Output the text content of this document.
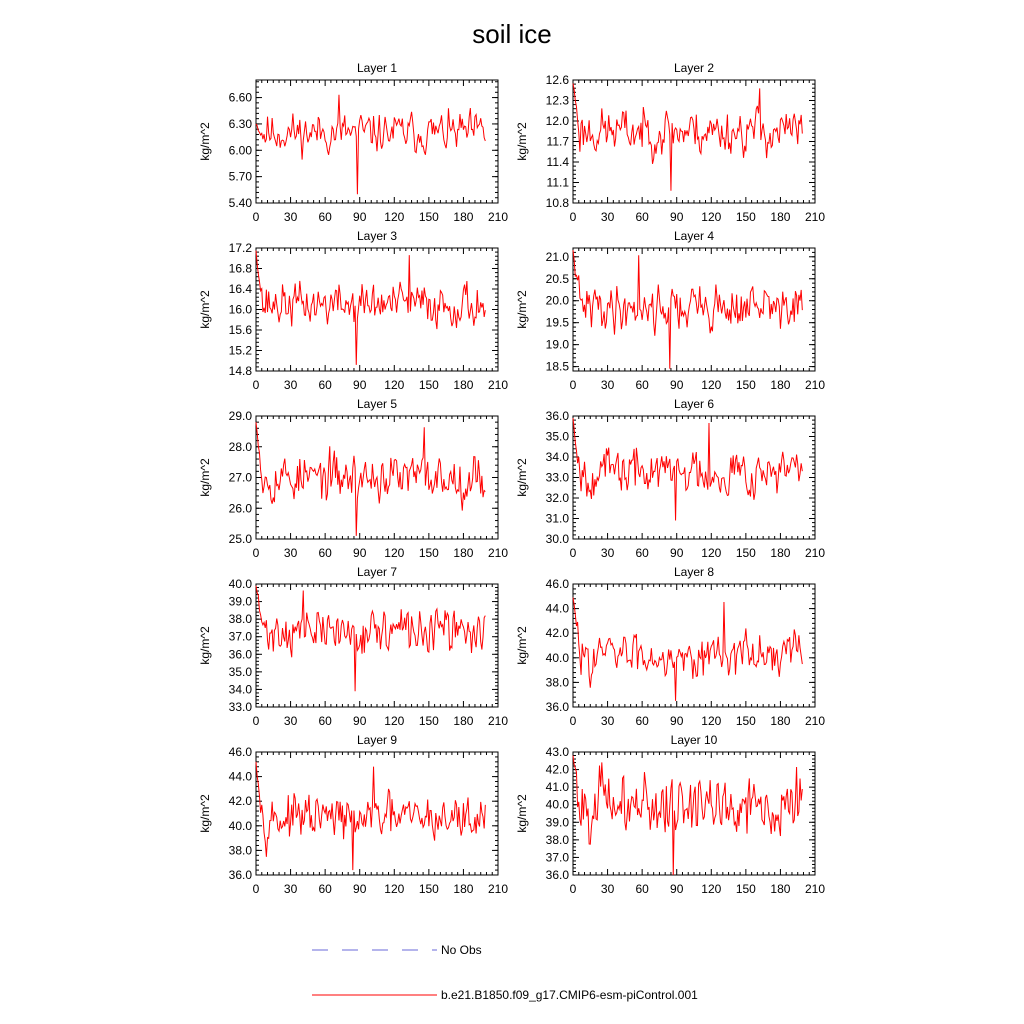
soil ice
Layer 1
kg/m^2
0 30 60 90 120 150 180 210
5.40
5.70
6.00
6.30
6.60
Layer 2
kg/m^2
0 30 60 90 120 150 180 210
10.8
11.1
11.4
11.7
12.0
12.3
12.6
Layer 3
kg/m^2
0 30 60 90 120 150 180 210
14.8
15.2
15.6
16.0
16.4
16.8
17.2
Layer 4
kg/m^2
0 30 60 90 120 150 180 210
18.5
19.0
19.5
20.0
20.5
21.0
Layer 5
kg/m^2
0 30 60 90 120 150 180 210
25.0
26.0
27.0
28.0
29.0
Layer 6
kg/m^2
0 30 60 90 120 150 180 210
30.0
31.0
32.0
33.0
34.0
35.0
36.0
Layer 7
kg/m^2
0 30 60 90 120 150 180 210
33.0
34.0
35.0
36.0
37.0
38.0
39.0
40.0
Layer 8
kg/m^2
0 30 60 90 120 150 180 210
36.0
38.0
40.0
42.0
44.0
46.0
Layer 9
kg/m^2
0 30 60 90 120 150 180 210
36.0
38.0
40.0
42.0
44.0
46.0
Layer 10
kg/m^2
0 30 60 90 120 150 180 210
36.0
37.0
38.0
39.0
40.0
41.0
42.0
43.0
No Obs
b.e21.B1850.f09_g17.CMIP6-esm-piControl.001
